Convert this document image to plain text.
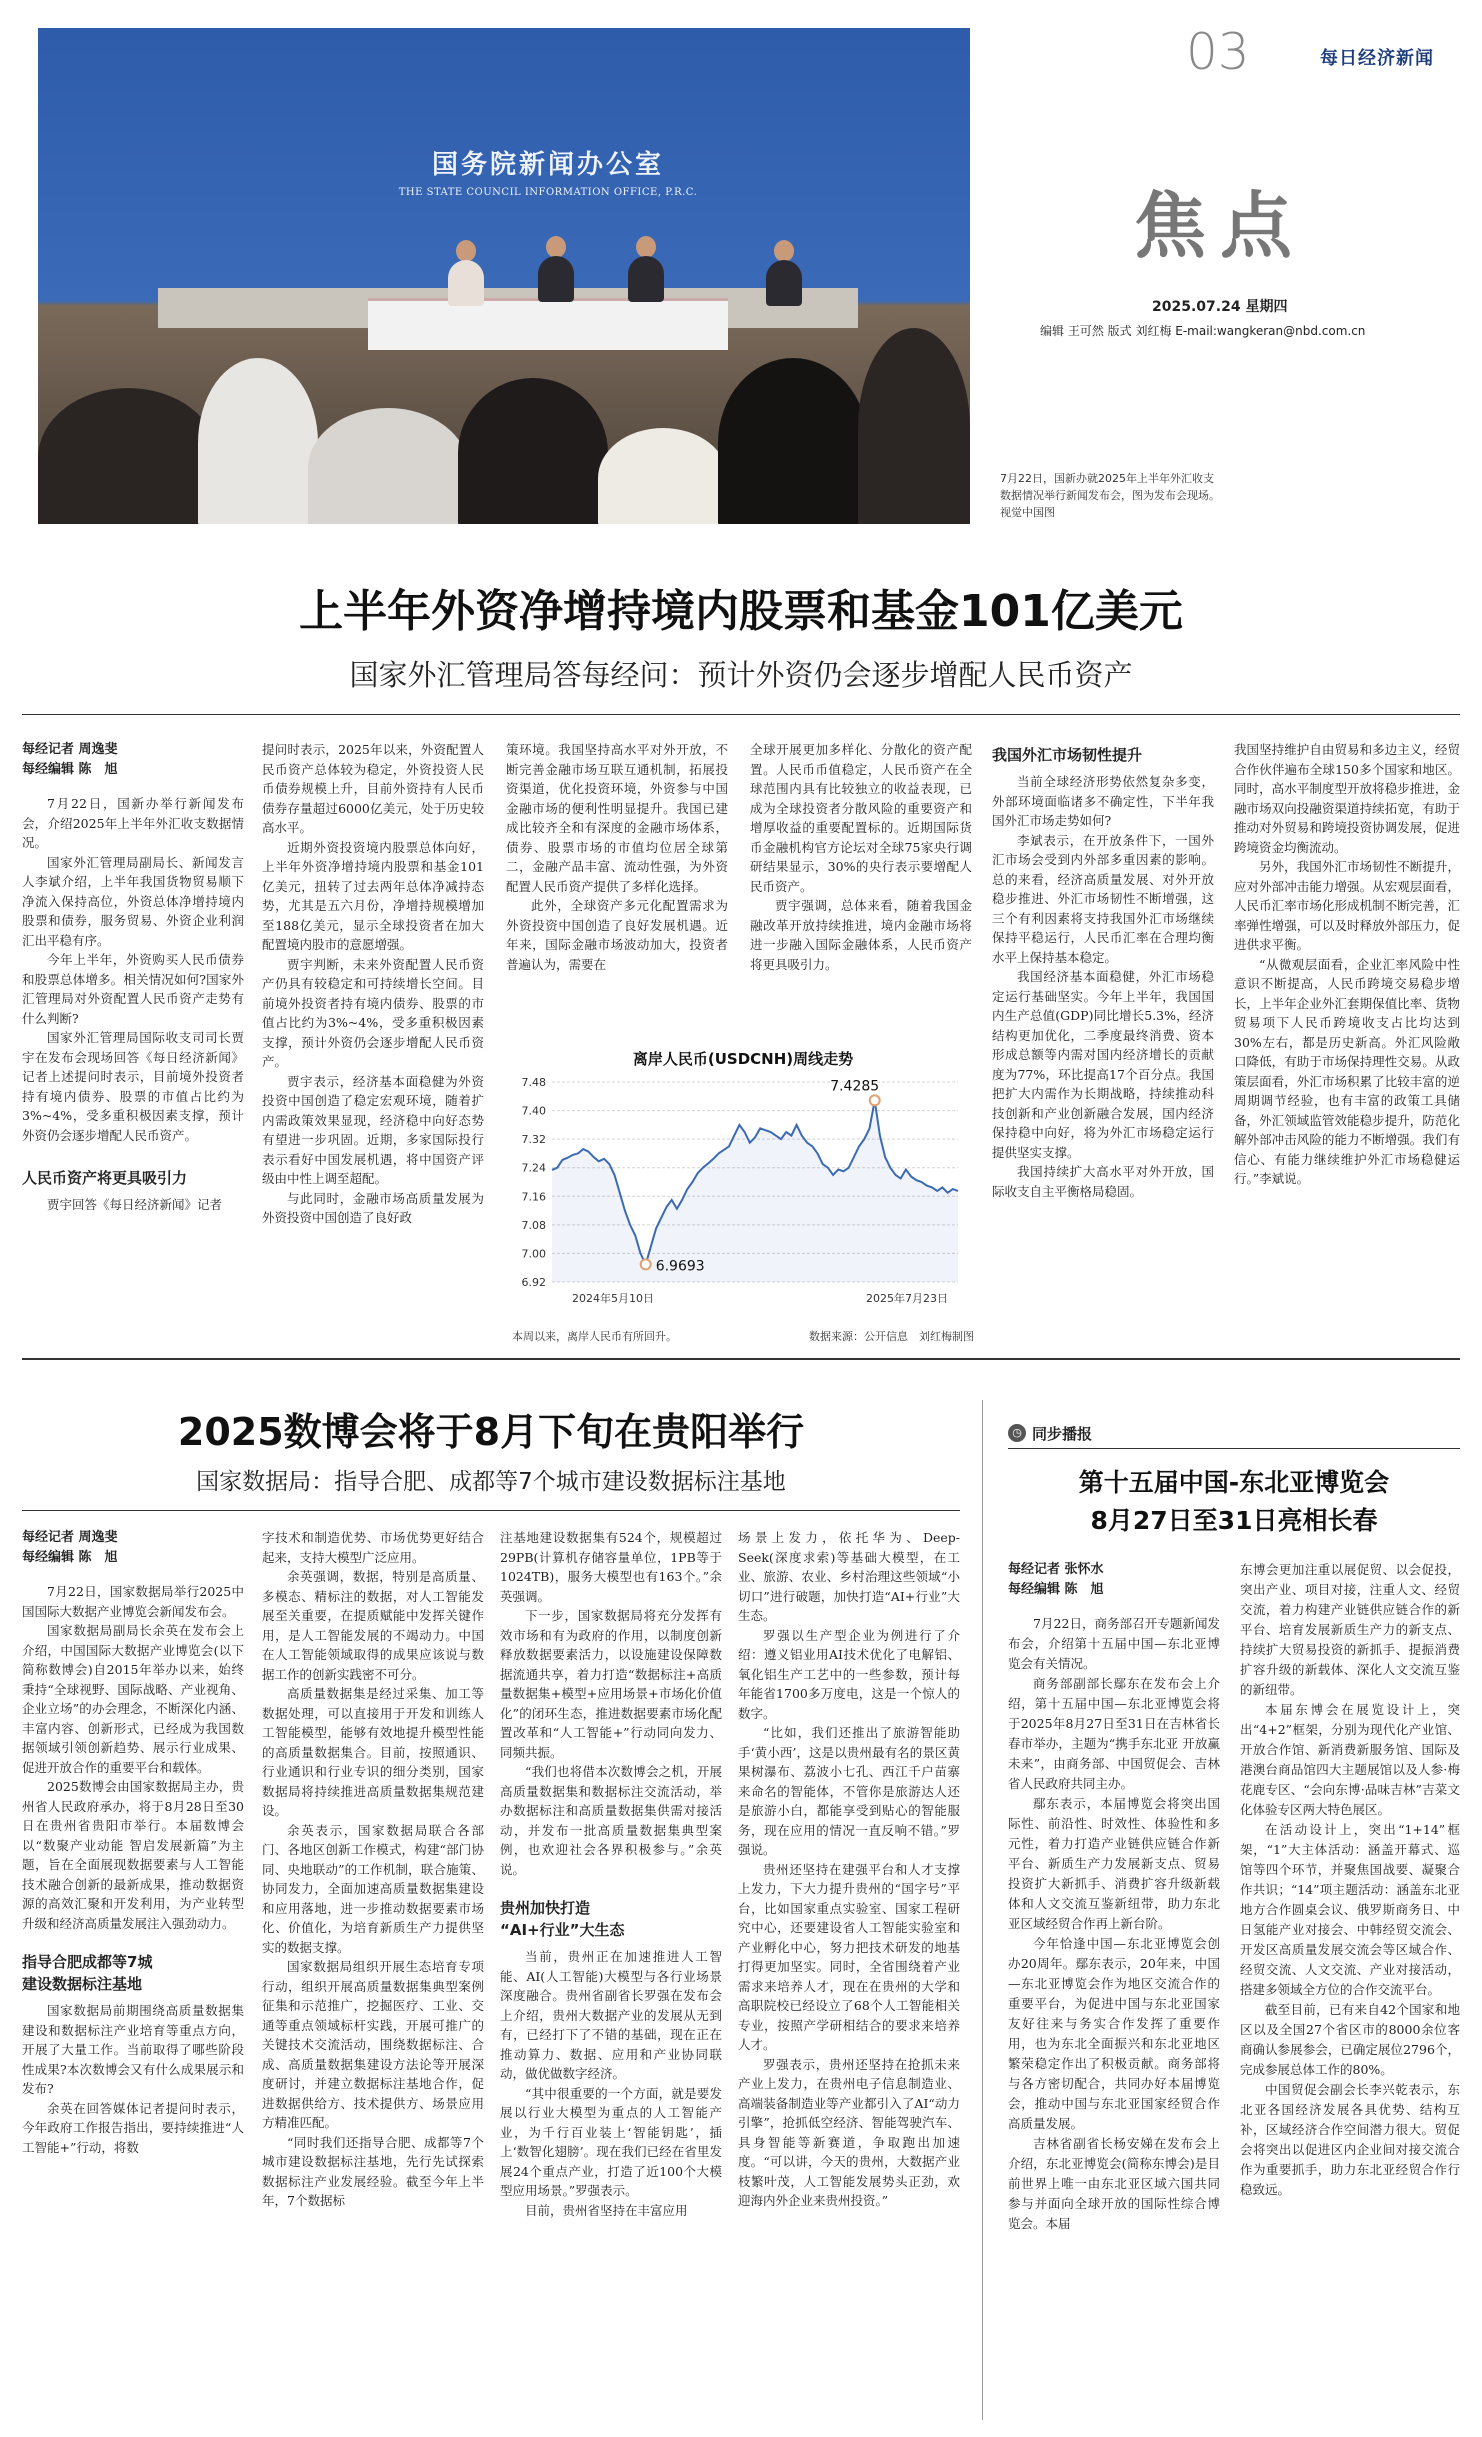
03	每日经济新闻
焦点
2025.07.24 星期四
编辑 王可然 版式 刘红梅 E-mail:wangkeran@nbd.com.cn
国务院新闻办公室
THE STATE COUNCIL INFORMATION OFFICE, P.R.C.
7月22日，国新办就2025年上半年外汇收支数据情况举行新闻发布会，图为发布会现场。　视觉中国图
上半年外资净增持境内股票和基金101亿美元
国家外汇管理局答每经问：预计外资仍会逐步增配人民币资产
每经记者 周逸斐
每经编辑 陈　旭

7月22日，国新办举行新闻发布会，介绍2025年上半年外汇收支数据情况。

国家外汇管理局副局长、新闻发言人李斌介绍，上半年我国货物贸易顺下净流入保持高位，外资总体净增持境内股票和债券，服务贸易、外资企业利润汇出平稳有序。

今年上半年，外资购买人民币债券和股票总体增多。相关情况如何?国家外汇管理局对外资配置人民币资产走势有什么判断?

国家外汇管理局国际收支司司长贾宇在发布会现场回答《每日经济新闻》记者上述提问时表示，目前境外投资者持有境内债券、股票的市值占比约为3%~4%，受多重积极因素支撑，预计外资仍会逐步增配人民币资产。

人民币资产将更具吸引力

贾宇回答《每日经济新闻》记者

提问时表示，2025年以来，外资配置人民币资产总体较为稳定，外资投资人民币债券规模上升，目前外资持有人民币债券存量超过6000亿美元，处于历史较高水平。

近期外资投资境内股票总体向好，上半年外资净增持境内股票和基金101亿美元，扭转了过去两年总体净减持态势，尤其是五六月份，净增持规模增加至188亿美元，显示全球投资者在加大配置境内股市的意愿增强。

贾宇判断，未来外资配置人民币资产仍具有较稳定和可持续增长空间。目前境外投资者持有境内债券、股票的市值占比约为3%~4%，受多重积极因素支撑，预计外资仍会逐步增配人民币资产。

贾宇表示，经济基本面稳健为外资投资中国创造了稳定宏观环境，随着扩内需政策效果显现，经济稳中向好态势有望进一步巩固。近期，多家国际投行表示看好中国发展机遇，将中国资产评级由中性上调至超配。

与此同时，金融市场高质量发展为外资投资中国创造了良好政

策环境。我国坚持高水平对外开放，不断完善金融市场互联互通机制，拓展投资渠道，优化投资环境，外资参与中国金融市场的便利性明显提升。我国已建成比较齐全和有深度的金融市场体系，债券、股票市场的市值均位居全球第二，金融产品丰富、流动性强，为外资配置人民币资产提供了多样化选择。

此外，全球资产多元化配置需求为外资投资中国创造了良好发展机遇。近年来，国际金融市场波动加大，投资者普遍认为，需要在

全球开展更加多样化、分散化的资产配置。人民币币值稳定，人民币资产在全球范围内具有比较独立的收益表现，已成为全球投资者分散风险的重要资产和增厚收益的重要配置标的。近期国际货币金融机构官方论坛对全球75家央行调研结果显示，30%的央行表示要增配人民币资产。

贾宇强调，总体来看，随着我国金融改革开放持续推进，境内金融市场将进一步融入国际金融体系，人民币资产将更具吸引力。

我国外汇市场韧性提升

当前全球经济形势依然复杂多变，外部环境面临诸多不确定性，下半年我国外汇市场走势如何?

李斌表示，在开放条件下，一国外汇市场会受到内外部多重因素的影响。总的来看，经济高质量发展、对外开放稳步推进、外汇市场韧性不断增强，这三个有利因素将支持我国外汇市场继续保持平稳运行，人民币汇率在合理均衡水平上保持基本稳定。

我国经济基本面稳健，外汇市场稳定运行基础坚实。今年上半年，我国国内生产总值(GDP)同比增长5.3%，经济结构更加优化，二季度最终消费、资本形成总额等内需对国内经济增长的贡献度为77%，环比提高17个百分点。我国把扩大内需作为长期战略，持续推动科技创新和产业创新融合发展，国内经济保持稳中向好，将为外汇市场稳定运行提供坚实支撑。

我国持续扩大高水平对外开放，国际收支自主平衡格局稳固。

我国坚持维护自由贸易和多边主义，经贸合作伙伴遍布全球150多个国家和地区。同时，高水平制度型开放将稳步推进，金融市场双向投融资渠道持续拓宽，有助于推动对外贸易和跨境投资协调发展，促进跨境资金均衡流动。

另外，我国外汇市场韧性不断提升，应对外部冲击能力增强。从宏观层面看，人民币汇率市场化形成机制不断完善，汇率弹性增强，可以及时释放外部压力，促进供求平衡。

“从微观层面看，企业汇率风险中性意识不断提高，人民币跨境交易稳步增长，上半年企业外汇套期保值比率、货物贸易项下人民币跨境收支占比均达到30%左右，都是历史新高。外汇风险敞口降低，有助于市场保持理性交易。从政策层面看，外汇市场积累了比较丰富的逆周期调节经验，也有丰富的政策工具储备，外汇领域监管效能稳步提升，防范化解外部冲击风险的能力不断增强。我们有信心、有能力继续维护外汇市场稳健运行。”李斌说。

离岸人民币(USDCNH)周线走势
7.48
7.40
7.32
7.24
7.16
7.08
7.00
6.92
6.9693
7.4285
2024年5月10日	2025年7月23日
本周以来，离岸人民币有所回升。	数据来源：公开信息　刘红梅制图
2025数博会将于8月下旬在贵阳举行
国家数据局：指导合肥、成都等7个城市建设数据标注基地
每经记者 周逸斐
每经编辑 陈　旭

7月22日，国家数据局举行2025中国国际大数据产业博览会新闻发布会。

国家数据局副局长余英在发布会上介绍，中国国际大数据产业博览会(以下简称数博会)自2015年举办以来，始终秉持“全球视野、国际战略、产业视角、企业立场”的办会理念，不断深化内涵、丰富内容、创新形式，已经成为我国数据领域引领创新趋势、展示行业成果、促进开放合作的重要平台和载体。

2025数博会由国家数据局主办，贵州省人民政府承办，将于8月28日至30日在贵州省贵阳市举行。本届数博会以“数聚产业动能 智启发展新篇”为主题，旨在全面展现数据要素与人工智能技术融合创新的最新成果，推动数据资源的高效汇聚和开发利用，为产业转型升级和经济高质量发展注入强劲动力。

指导合肥成都等7城
建设数据标注基地

国家数据局前期围绕高质量数据集建设和数据标注产业培育等重点方向，开展了大量工作。当前取得了哪些阶段性成果?本次数博会又有什么成果展示和发布?

余英在回答媒体记者提问时表示，今年政府工作报告指出，要持续推进“人工智能+”行动，将数

字技术和制造优势、市场优势更好结合起来，支持大模型广泛应用。

余英强调，数据，特别是高质量、多模态、精标注的数据，对人工智能发展至关重要，在提质赋能中发挥关键作用，是人工智能发展的不竭动力。中国在人工智能领域取得的成果应该说与数据工作的创新实践密不可分。

高质量数据集是经过采集、加工等数据处理，可以直接用于开发和训练人工智能模型，能够有效地提升模型性能的高质量数据集合。目前，按照通识、行业通识和行业专识的细分类别，国家数据局将持续推进高质量数据集规范建设。

余英表示，国家数据局联合各部门、各地区创新工作模式，构建“部门协同、央地联动”的工作机制，联合施策、协同发力，全面加速高质量数据集建设和应用落地，进一步推动数据要素市场化、价值化，为培育新质生产力提供坚实的数据支撑。

国家数据局组织开展生态培育专项行动，组织开展高质量数据集典型案例征集和示范推广，挖掘医疗、工业、交通等重点领域标杆实践，开展可推广的关键技术交流活动，围绕数据标注、合成、高质量数据集建设方法论等开展深度研讨，并建立数据标注基地合作，促进数据供给方、技术提供方、场景应用方精准匹配。

“同时我们还指导合肥、成都等7个城市建设数据标注基地，先行先试探索数据标注产业发展经验。截至今年上半年，7个数据标

注基地建设数据集有524个，规模超过29PB(计算机存储容量单位，1PB等于1024TB)，服务大模型也有163个。”余英强调。

下一步，国家数据局将充分发挥有效市场和有为政府的作用，以制度创新释放数据要素活力，以设施建设保障数据流通共享，着力打造“数据标注+高质量数据集+模型+应用场景+市场化价值化”的闭环生态，推进数据要素市场化配置改革和“人工智能+”行动同向发力、同频共振。

“我们也将借本次数博会之机，开展高质量数据集和数据标注交流活动，举办数据标注和高质量数据集供需对接活动，并发布一批高质量数据集典型案例，也欢迎社会各界积极参与。”余英说。

贵州加快打造
“AI+行业”大生态

当前，贵州正在加速推进人工智能、AI(人工智能)大模型与各行业场景深度融合。贵州省副省长罗强在发布会上介绍，贵州大数据产业的发展从无到有，已经打下了不错的基础，现在正在推动算力、数据、应用和产业协同联动，做优做数字经济。

“其中很重要的一个方面，就是要发展以行业大模型为重点的人工智能产业，为千行百业装上‘智能钥匙’，插上‘数智化翅膀’。现在我们已经在省里发展24个重点产业，打造了近100个大模型应用场景。”罗强表示。

目前，贵州省坚持在丰富应用

场景上发力，依托华为、Deep-Seek(深度求索)等基础大模型，在工业、旅游、农业、乡村治理这些领域“小切口”进行破题，加快打造“AI+行业”大生态。

罗强以生产型企业为例进行了介绍：遵义铝业用AI技术优化了电解铝、氧化铝生产工艺中的一些参数，预计每年能省1700多万度电，这是一个惊人的数字。

“比如，我们还推出了旅游智能助手‘黄小西’，这是以贵州最有名的景区黄果树瀑布、荔波小七孔、西江千户苗寨来命名的智能体，不管你是旅游达人还是旅游小白，都能享受到贴心的智能服务，现在应用的情况一直反响不错。”罗强说。

贵州还坚持在建强平台和人才支撑上发力，下大力提升贵州的“国字号”平台，比如国家重点实验室、国家工程研究中心，还要建设省人工智能实验室和产业孵化中心，努力把技术研发的地基打得更加坚实。同时，全省围绕着产业需求来培养人才，现在在贵州的大学和高职院校已经设立了68个人工智能相关专业，按照产学研相结合的要求来培养人才。

罗强表示，贵州还坚持在抢抓未来产业上发力，在贵州电子信息制造业、高端装备制造业等产业都引入了AI“动力引擎”，抢抓低空经济、智能驾驶汽车、具身智能等新赛道，争取跑出加速度。“可以讲，今天的贵州，大数据产业枝繁叶茂，人工智能发展势头正劲，欢迎海内外企业来贵州投资。”

◷ 同步播报
第十五届中国-东北亚博览会
8月27日至31日亮相长春
每经记者 张怀水
每经编辑 陈　旭

7月22日，商务部召开专题新闻发布会，介绍第十五届中国—东北亚博览会有关情况。

商务部副部长鄢东在发布会上介绍，第十五届中国—东北亚博览会将于2025年8月27日至31日在吉林省长春市举办，主题为“携手东北亚 开放赢未来”，由商务部、中国贸促会、吉林省人民政府共同主办。

鄢东表示，本届博览会将突出国际性、前沿性、时效性、体验性和多元性，着力打造产业链供应链合作新平台、新质生产力发展新支点、贸易投资扩大新抓手、消费扩容升级新载体和人文交流互鉴新纽带，助力东北亚区域经贸合作再上新台阶。

今年恰逢中国—东北亚博览会创办20周年。鄢东表示，20年来，中国—东北亚博览会作为地区交流合作的重要平台，为促进中国与东北亚国家友好往来与务实合作发挥了重要作用，也为东北全面振兴和东北亚地区繁荣稳定作出了积极贡献。商务部将与各方密切配合，共同办好本届博览会，推动中国与东北亚国家经贸合作高质量发展。

吉林省副省长杨安娣在发布会上介绍，东北亚博览会(简称东博会)是目前世界上唯一由东北亚区域六国共同参与并面向全球开放的国际性综合博览会。本届

东博会更加注重以展促贸、以会促投，突出产业、项目对接，注重人文、经贸交流，着力构建产业链供应链合作的新平台、培育发展新质生产力的新支点、持续扩大贸易投资的新抓手、提振消费扩容升级的新载体、深化人文交流互鉴的新纽带。

本届东博会在展览设计上，突出“4+2”框架，分别为现代化产业馆、开放合作馆、新消费新服务馆、国际及港澳台商品馆四大主题展馆以及人参·梅花鹿专区、“会向东博·品味吉林”吉菜文化体验专区两大特色展区。

在活动设计上，突出“1+14”框架，“1”大主体活动：涵盖开幕式、巡馆等四个环节，并聚焦国战要、凝聚合作共识；“14”项主题活动：涵盖东北亚地方合作圆桌会议、俄罗斯商务日、中日氢能产业对接会、中韩经贸交流会、开发区高质量发展交流会等区域合作、经贸交流、人文交流、产业对接活动，搭建多领域全方位的合作交流平台。

截至目前，已有来自42个国家和地区以及全国27个省区市的8000余位客商确认参展参会，已确定展位2796个，完成参展总体工作的80%。

中国贸促会副会长李兴乾表示，东北亚各国经济发展各具优势、结构互补，区域经济合作空间潜力很大。贸促会将突出以促进区内企业间对接交流合作为重要抓手，助力东北亚经贸合作行稳致远。
